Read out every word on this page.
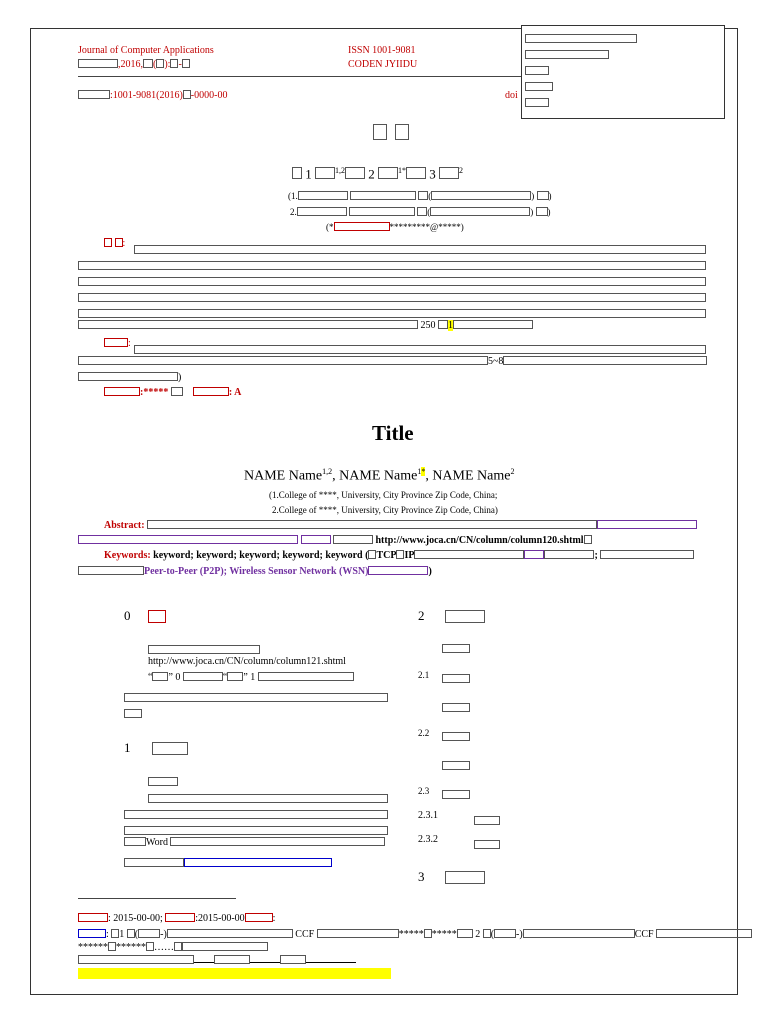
Journal of Computer Applications
,2016, ( ): -
ISSN 1001-9081
CODEN JYIIDU
:1001-9081(2016) -0000-00	doi

1	$^{1,2}$ 2	$^{1*}$ 3	$^2$
(1.	(	) )
2.	(	) )
(*	*********@*****)
:
250 1
:
5~8
)
:*****	: A
Title
NAME Name$^{1,2}$, NAME Name$^{1*}$, NAME Name$^2$
(1.College of ****, University, City Province Zip Code, China;
2.College of ****, University, City Province Zip Code, China)
Abstract:
http://www.joca.cn/CN/column/column120.shtml
Keywords: keyword; keyword; keyword; keyword; keyword ( TCP IP	;
Peer-to-Peer (P2P); Wireless Sensor Network (WSN)	)
0
http://www.joca.cn/CN/column/column121.shtml
“ ” 0	“ ” 1
1
Word
2
2.1
2.2
2.3
2.3.1
2.3.2
3
: 2015-00-00;	:2015-00-00	:
: 1 ( -)	CCF	***** ***** 2 ( -)	CCF
****** ****** ……
